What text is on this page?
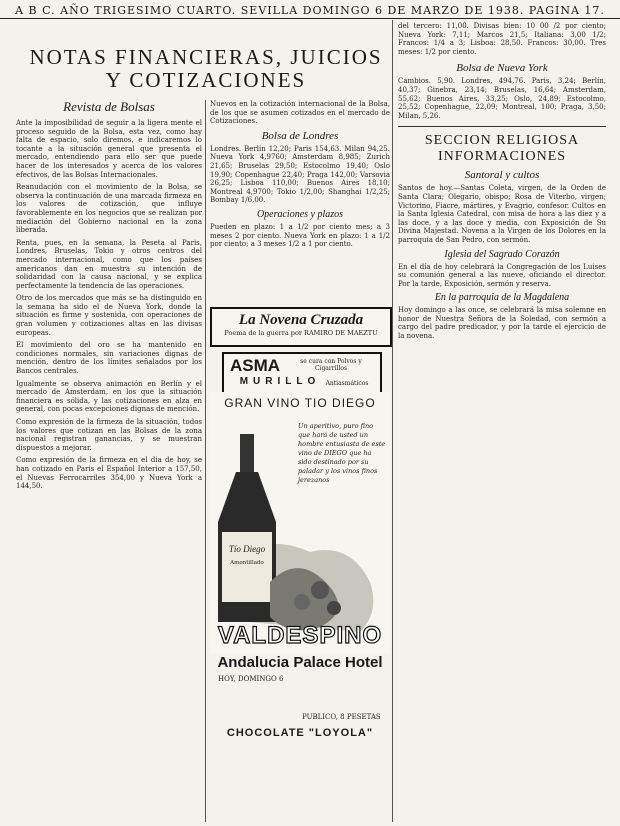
A B C. AÑO TRIGESIMO CUARTO. SEVILLA DOMINGO 6 DE MARZO DE 1938. PAGINA 17.
NOTAS FINANCIERAS, JUICIOS
Y COTIZACIONES
Revista de Bolsas

Ante la imposibilidad de seguir a la ligera mente el proceso seguido de la Bolsa, esta vez, como hay falta de espacio, solo diremos, e indicaremos lo tocante a la situación general que presenta el mercado, entendiendo para ello ser que puede hacer de los interesados y acerca de los valores efectivos, de las Bolsas Internacionales.

Reanudación con el movimiento de la Bolsa, se observa la continuación de una marcada firmeza en los valores de cotización, que influye favorablemente en los negocios que se realizan por mediación del Gobierno nacional en la zona liberada.

Renta, pues, en la semana, la Peseta al Paris, Londres, Bruselas, Tokio y otros centros del mercado internacional, como que los países americanos dan en muestra su intención de solidaridad con la causa nacional, y se explica perfectamente la tendencia de las operaciones.

Otro de los mercados que más se ha distinguido en la semana ha sido el de Nueva York, donde la situación es firme y sostenida, con operaciones de gran volumen y cotizaciones altas en las divisas europeas.

El movimiento del oro se ha mantenido en condiciones normales, sin variaciones dignas de mención, dentro de los límites señalados por los Bancos centrales.

Igualmente se observa animación en Berlín y el mercado de Amsterdam, en los que la situación financiera es sólida, y las cotizaciones en alza en general, con pocas excepciones dignas de mención.

Como expresión de la firmeza de la situación, todos los valores que cotizan en las Bolsas de la zona nacional registran ganancias, y se muestran dispuestos a mejorar.

Como expresión de la firmeza en el dia de hoy, se han cotizado en Paris el Español Interior a 157,50, el Nuevas Ferrocarriles 354,00 y Nueva York a 144,50.

Nuevos en la cotización internacional de la Bolsa, de los que se asumen cotizados en el mercado de Cotizaciones.

Bolsa de Londres

Londres. Berlin 12,20; Paris 154,63. Milan 94,25. Nueva York 4,9760; Amsterdam 8,985; Zurich 21,65; Bruselas 29,50; Estocolmo 19,40; Oslo 19,90; Copenhague 22,40; Praga 142,00; Varsovia 26,25; Lisboa 110,00; Buenos Aires 18,10; Montreal 4,9700; Tokio 1/2,00; Shanghai 1/2,25; Bombay 1/6,00.

Operaciones y plazos

Pueden en plazo: 1 a 1/2 por ciento mes; a 3 meses 2 por ciento. Nueva York en plazo: 1 a 1/2 por ciento; a 3 meses 1/2 a 1 por ciento.

La Novena Cruzada
Poema de la guerra por RAMIRO DE MAEZTU
ASMA	se cura con Polvos y Cigarrillos
MURILLO Antiasmáticos
GRAN VINO TIO DIEGO
Un aperitivo, puro fino que hará de usted un hombre entusiasta de este vino de DIEGO que ha sido destinado por su paladar y los vinos finos jerezanos
Tío Diego
Amontillado
VALDESPINO
Andalucia Palace Hotel
HOY, DOMINGO 6
PUBLICO, 8 PESETAS
CHOCOLATE "LOYOLA"

del tercero: 11,00. Divisas bien: 10 00 /2 por ciento; Nueva York: 7,11; Marcos 21,5; Italiana: 3,00 1/2; Francos: 1/4 a 3; Lisboa: 28,50. Francos: 30,00. Tres meses: 1/2 por ciento.

Bolsa de Nueva York

Cambios. 5,90. Londres, 494,76. Paris, 3,24; Berlín, 40,37; Ginebra, 23,14; Bruselas, 16,64; Amsterdam, 55,62; Buenos Aires, 33,25; Oslo, 24,89; Estocolmo, 25,52; Copenhague, 22,09; Montreal, 100; Praga, 3,50; Milan, 5,26.

SECCION RELIGIOSA
INFORMACIONES
Santoral y cultos

Santos de hoy.—Santas Coleta, virgen, de la Orden de Santa Clara; Olegario, obispo; Rosa de Viterbo, virgen; Victorino, Fiacre, mártires, y Evagrio, confesor. Cultos en la Santa Iglesia Catedral, con misa de hora a las diez y a las doce, y a las doce y media, con Exposición de Su Divina Majestad. Novena a la Virgen de los Dolores en la parroquia de San Pedro, con sermón.

Iglesia del Sagrado Corazón

En el día de hoy celebrará la Congregación de los Luises su comunión general a las nueve, oficiando el director. Por la tarde, Exposición, sermón y reserva.

En la parroquia de la Magdalena

Hoy domingo a las once, se celebrará la misa solemne en honor de Nuestra Señora de la Soledad, con sermón a cargo del padre predicador, y por la tarde el ejercicio de la novena.
